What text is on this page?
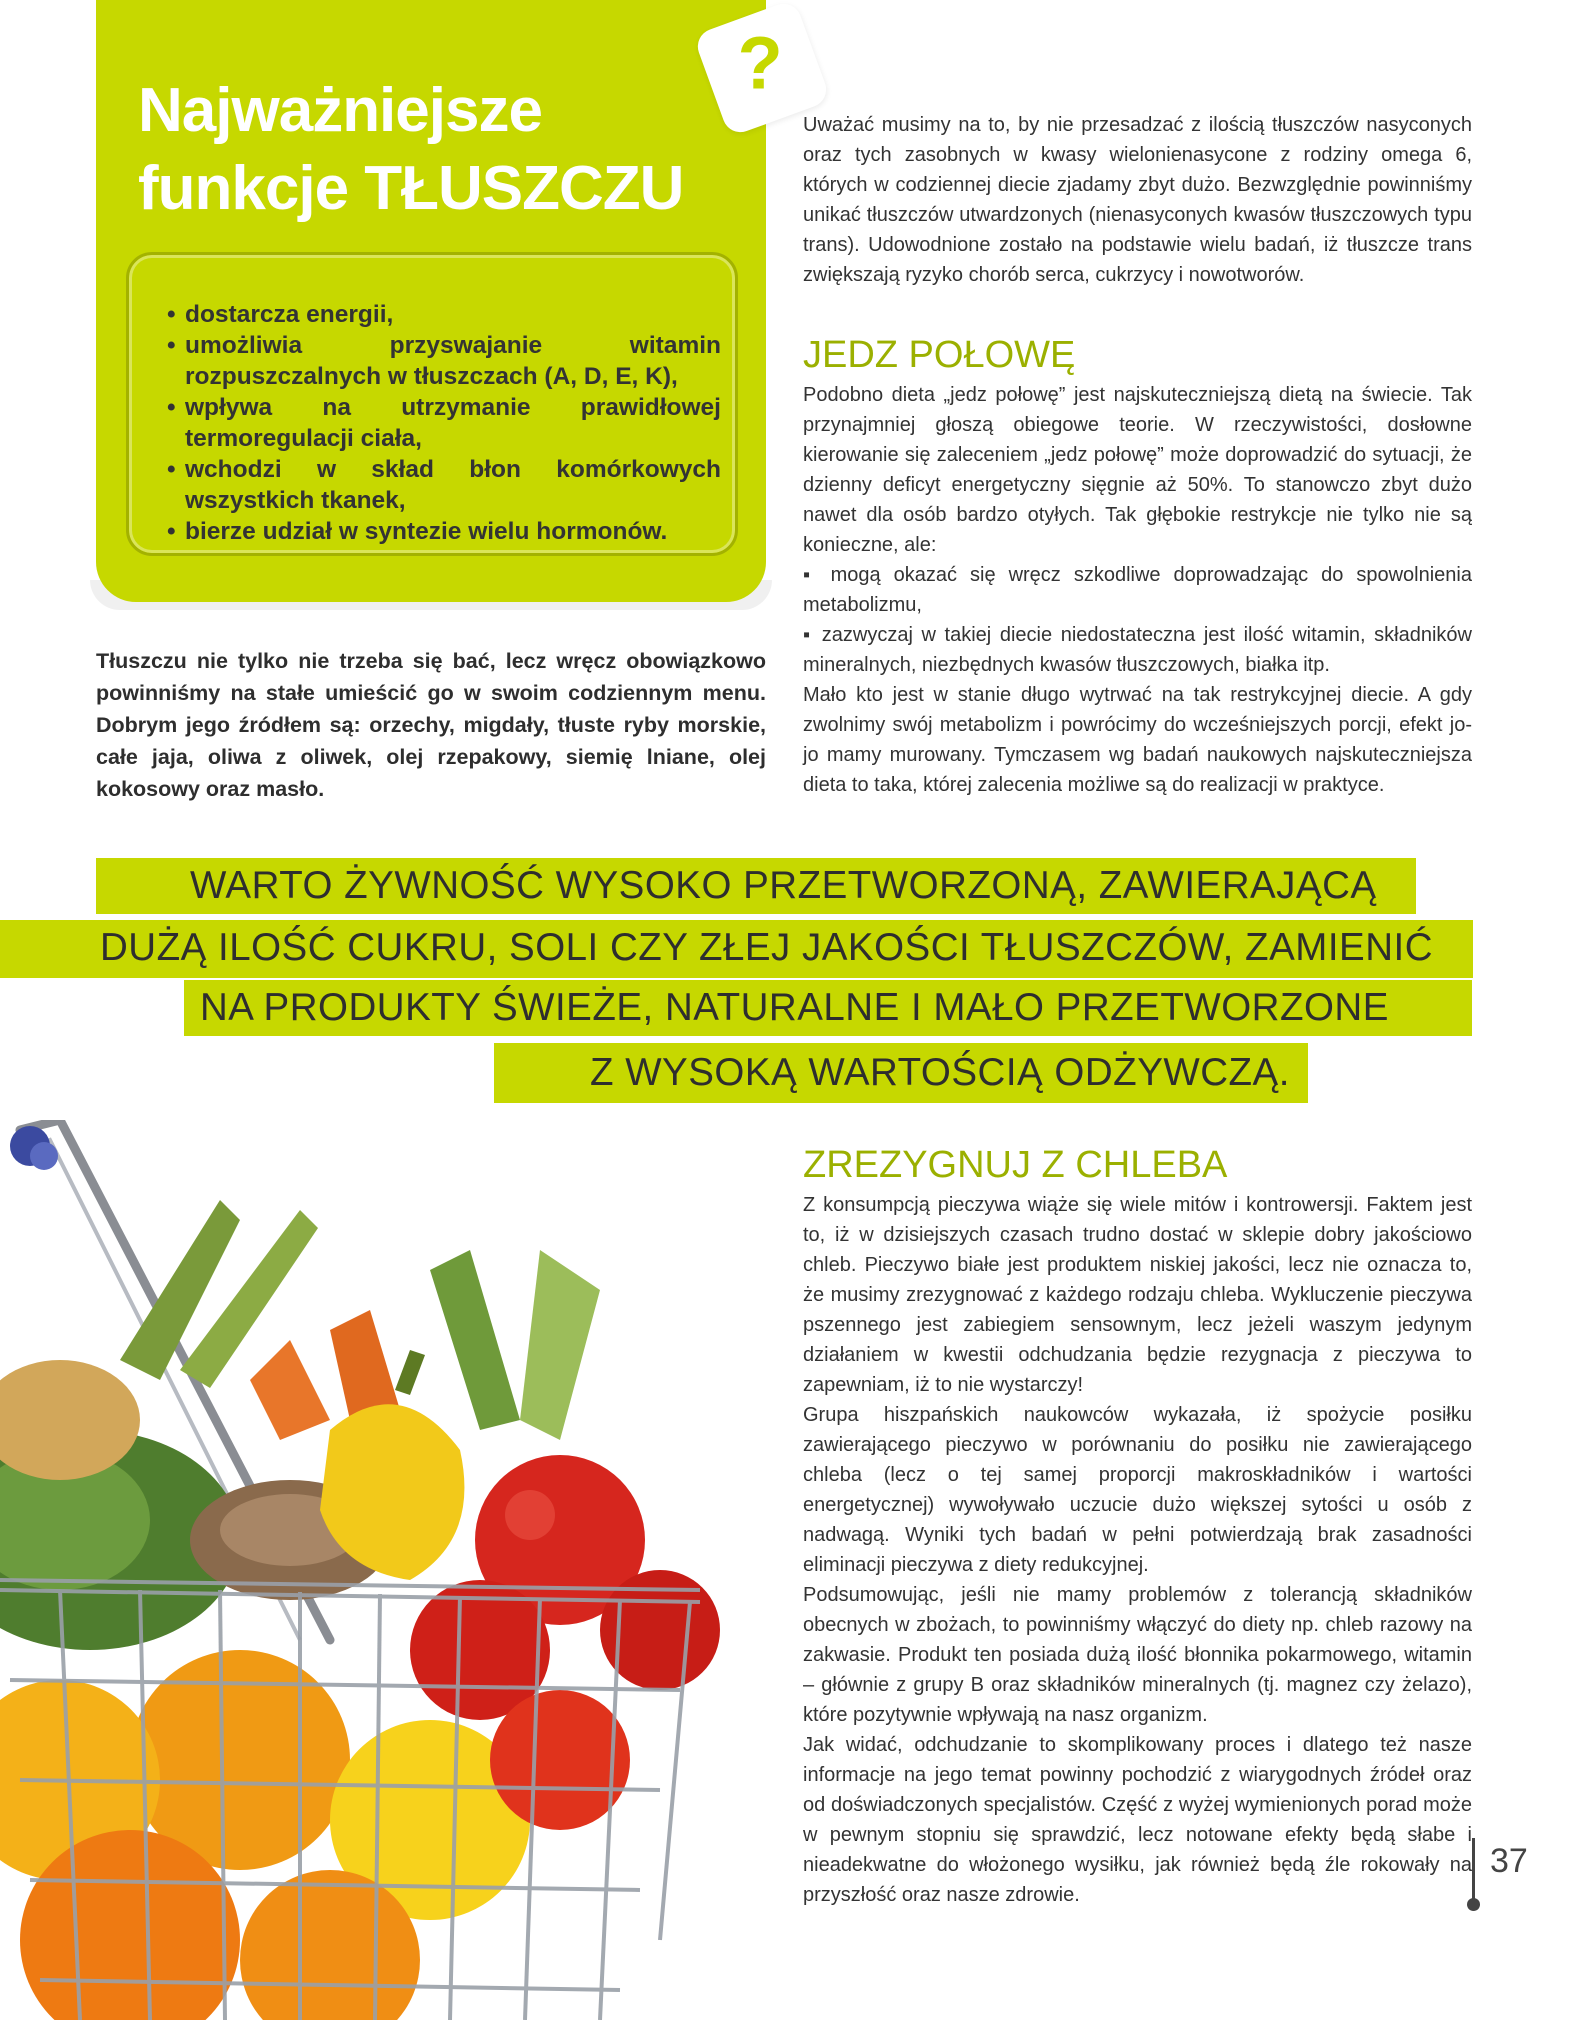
Najważniejsze
funkcje TŁUSZCZU
?
• dostarcza energii,
• umożliwia przyswajanie witamin rozpuszczalnych w tłuszczach (A, D, E, K),
• wpływa na utrzymanie prawidłowej termoregulacji ciała,
• wchodzi w skład błon komórkowych wszystkich tkanek,
• bierze udział w syntezie wielu hormonów.

Tłuszczu nie tylko nie trzeba się bać, lecz wręcz obowiązkowo powinniśmy na stałe umieścić go w swoim codziennym menu. Dobrym jego źródłem są: orzechy, migdały, tłuste ryby morskie, całe jaja, oliwa z oliwek, olej rzepakowy, siemię lniane, olej kokosowy oraz masło.

Uważać musimy na to, by nie przesadzać z ilością tłuszczów nasyconych oraz tych zasobnych w kwasy wielonienasycone z rodziny omega 6, których w codziennej diecie zjadamy zbyt dużo. Bezwzględnie powinniśmy unikać tłuszczów utwardzonych (nienasyconych kwasów tłuszczowych typu trans). Udowodnione zostało na podstawie wielu badań, iż tłuszcze trans zwiększają ryzyko chorób serca, cukrzycy i nowotworów.

JEDZ POŁOWĘ

Podobno dieta „jedz połowę” jest najskuteczniejszą dietą na świecie. Tak przynajmniej głoszą obiegowe teorie. W rzeczywistości, dosłowne kierowanie się zaleceniem „jedz połowę” może doprowadzić do sytuacji, że dzienny deficyt energetyczny sięgnie aż 50%. To stanowczo zbyt dużo nawet dla osób bardzo otyłych. Tak głębokie restrykcje nie tylko nie są konieczne, ale:

▪ mogą okazać się wręcz szkodliwe doprowadzając do spowolnienia metabolizmu,

▪ zazwyczaj w takiej diecie niedostateczna jest ilość witamin, składników mineralnych, niezbędnych kwasów tłuszczowych, białka itp.

Mało kto jest w stanie długo wytrwać na tak restrykcyjnej diecie. A gdy zwolnimy swój metabolizm i powrócimy do wcześniejszych porcji, efekt jo-jo mamy murowany. Tymczasem wg badań naukowych najskuteczniejsza dieta to taka, której zalecenia możliwe są do realizacji w praktyce.

WARTO ŻYWNOŚĆ WYSOKO PRZETWORZONĄ, ZAWIERAJĄCĄ
DUŻĄ ILOŚĆ CUKRU, SOLI CZY ZŁEJ JAKOŚCI TŁUSZCZÓW, ZAMIENIĆ
NA PRODUKTY ŚWIEŻE, NATURALNE I MAŁO PRZETWORZONE
Z WYSOKĄ WARTOŚCIĄ ODŻYWCZĄ.
ZREZYGNUJ Z CHLEBA

Z konsumpcją pieczywa wiąże się wiele mitów i kontrowersji. Faktem jest to, iż w dzisiejszych czasach trudno dostać w sklepie dobry jakościowo chleb. Pieczywo białe jest produktem niskiej jakości, lecz nie oznacza to, że musimy zrezygnować z każdego rodzaju chleba. Wykluczenie pieczywa pszennego jest zabiegiem sensownym, lecz jeżeli waszym jedynym działaniem w kwestii odchudzania będzie rezygnacja z pieczywa to zapewniam, iż to nie wystarczy!

Grupa hiszpańskich naukowców wykazała, iż spożycie posiłku zawierającego pieczywo w porównaniu do posiłku nie zawierającego chleba (lecz o tej samej proporcji makroskładników i wartości energetycznej) wywoływało uczucie dużo większej sytości u osób z nadwagą. Wyniki tych badań w pełni potwierdzają brak zasadności eliminacji pieczywa z diety redukcyjnej.

Podsumowując, jeśli nie mamy problemów z tolerancją składników obecnych w zbożach, to powinniśmy włączyć do diety np. chleb razowy na zakwasie. Produkt ten posiada dużą ilość błonnika pokarmowego, witamin – głównie z grupy B oraz składników mineralnych (tj. magnez czy żelazo), które pozytywnie wpływają na nasz organizm.

Jak widać, odchudzanie to skomplikowany proces i dlatego też nasze informacje na jego temat powinny pochodzić z wiarygodnych źródeł oraz od doświadczonych specjalistów. Część z wyżej wymienionych porad może w pewnym stopniu się sprawdzić, lecz notowane efekty będą słabe i nieadekwatne do włożonego wysiłku, jak również będą źle rokowały na przyszłość oraz nasze zdrowie.

37
